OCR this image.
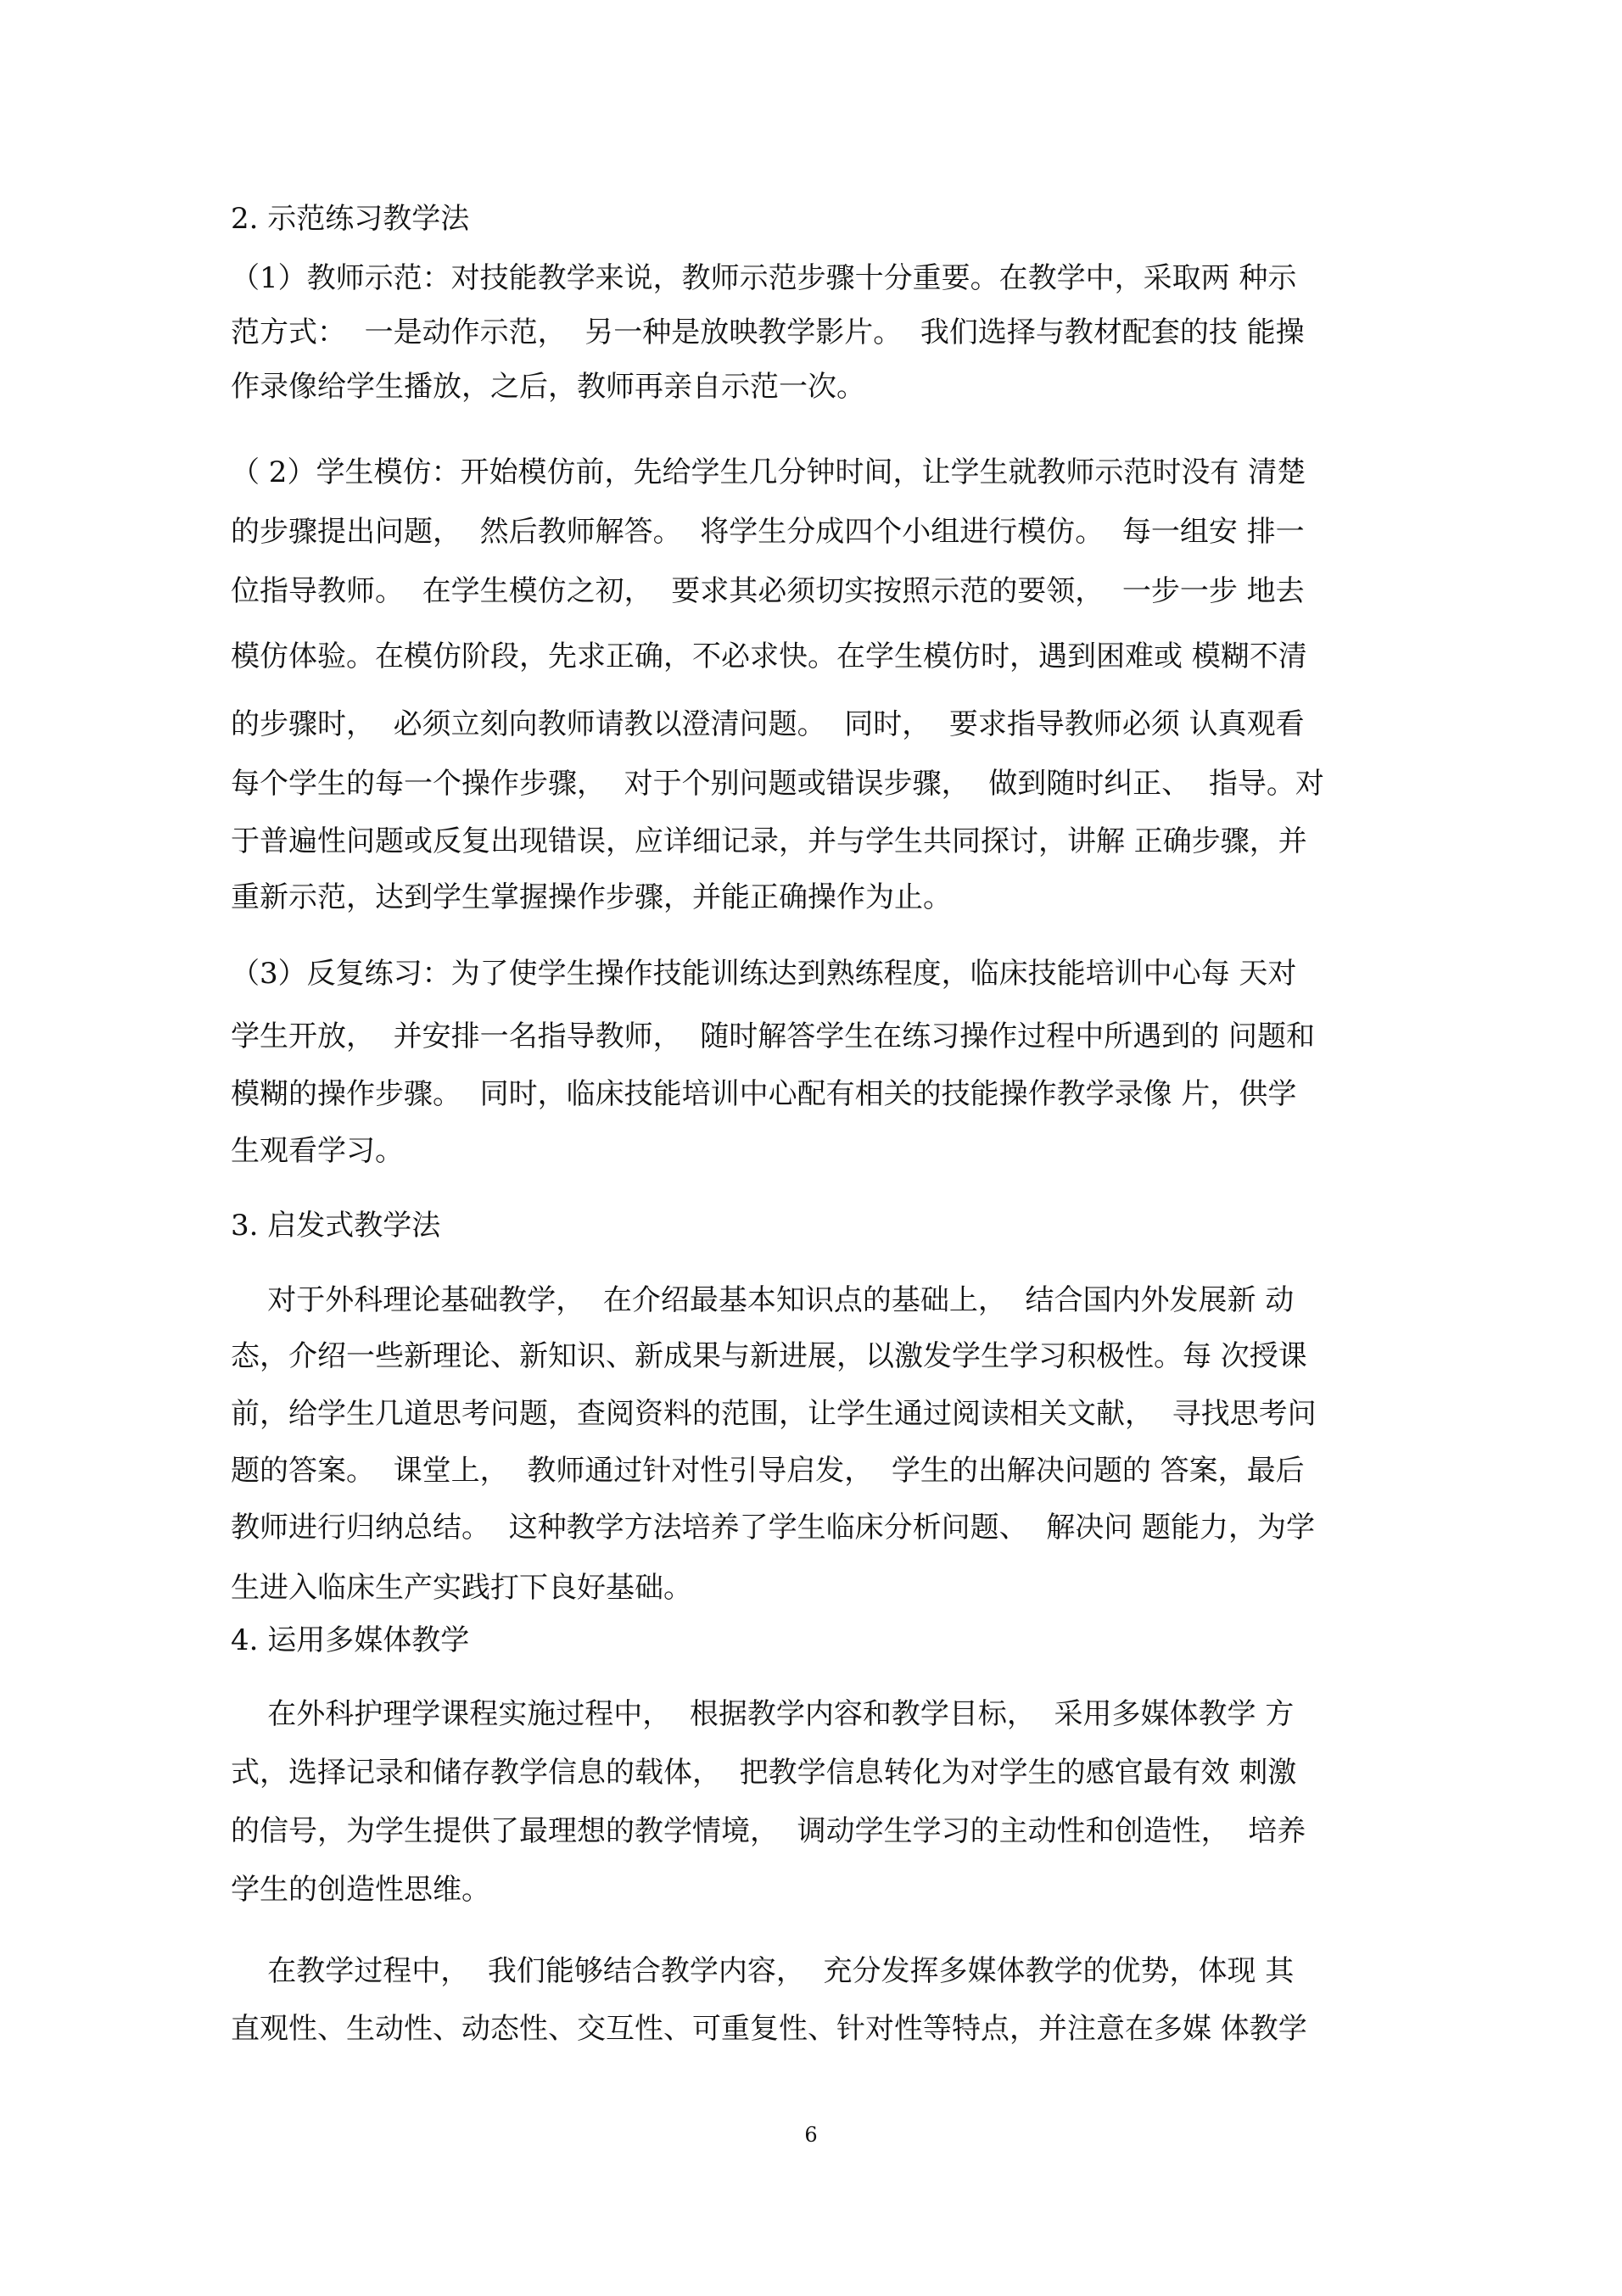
2. 示范练习教学法
（1）教师示范：对技能教学来说，教师示范步骤十分重要。在教学中，采取两 种示
范方式：  一是动作示范，  另一种是放映教学影片。  我们选择与教材配套的技 能操
作录像给学生播放，之后，教师再亲自示范一次。
（ 2）学生模仿：开始模仿前，先给学生几分钟时间，让学生就教师示范时没有 清楚
的步骤提出问题，  然后教师解答。  将学生分成四个小组进行模仿。  每一组安 排一
位指导教师。  在学生模仿之初，  要求其必须切实按照示范的要领，  一步一步 地去
模仿体验。在模仿阶段，先求正确，不必求快。在学生模仿时，遇到困难或 模糊不清
的步骤时，  必须立刻向教师请教以澄清问题。  同时，  要求指导教师必须 认真观看
每个学生的每一个操作步骤，  对于个别问题或错误步骤，  做到随时纠正、  指导。对
于普遍性问题或反复出现错误，应详细记录，并与学生共同探讨，讲解 正确步骤，并
重新示范，达到学生掌握操作步骤，并能正确操作为止。
（3）反复练习：为了使学生操作技能训练达到熟练程度，临床技能培训中心每 天对
学生开放，  并安排一名指导教师，  随时解答学生在练习操作过程中所遇到的 问题和
模糊的操作步骤。  同时，临床技能培训中心配有相关的技能操作教学录像 片，供学
生观看学习。
3. 启发式教学法
对于外科理论基础教学，  在介绍最基本知识点的基础上，  结合国内外发展新 动
态，介绍一些新理论、新知识、新成果与新进展，以激发学生学习积极性。每 次授课
前，给学生几道思考问题，查阅资料的范围，让学生通过阅读相关文献，  寻找思考问
题的答案。  课堂上，  教师通过针对性引导启发，  学生的出解决问题的 答案，最后
教师进行归纳总结。  这种教学方法培养了学生临床分析问题、  解决问 题能力，为学
生进入临床生产实践打下良好基础。
4. 运用多媒体教学
在外科护理学课程实施过程中，  根据教学内容和教学目标，  采用多媒体教学 方
式，选择记录和储存教学信息的载体，  把教学信息转化为对学生的感官最有效 刺激
的信号，为学生提供了最理想的教学情境，  调动学生学习的主动性和创造性，  培养
学生的创造性思维。
在教学过程中，  我们能够结合教学内容，  充分发挥多媒体教学的优势，体现 其
直观性、生动性、动态性、交互性、可重复性、针对性等特点，并注意在多媒 体教学
6
